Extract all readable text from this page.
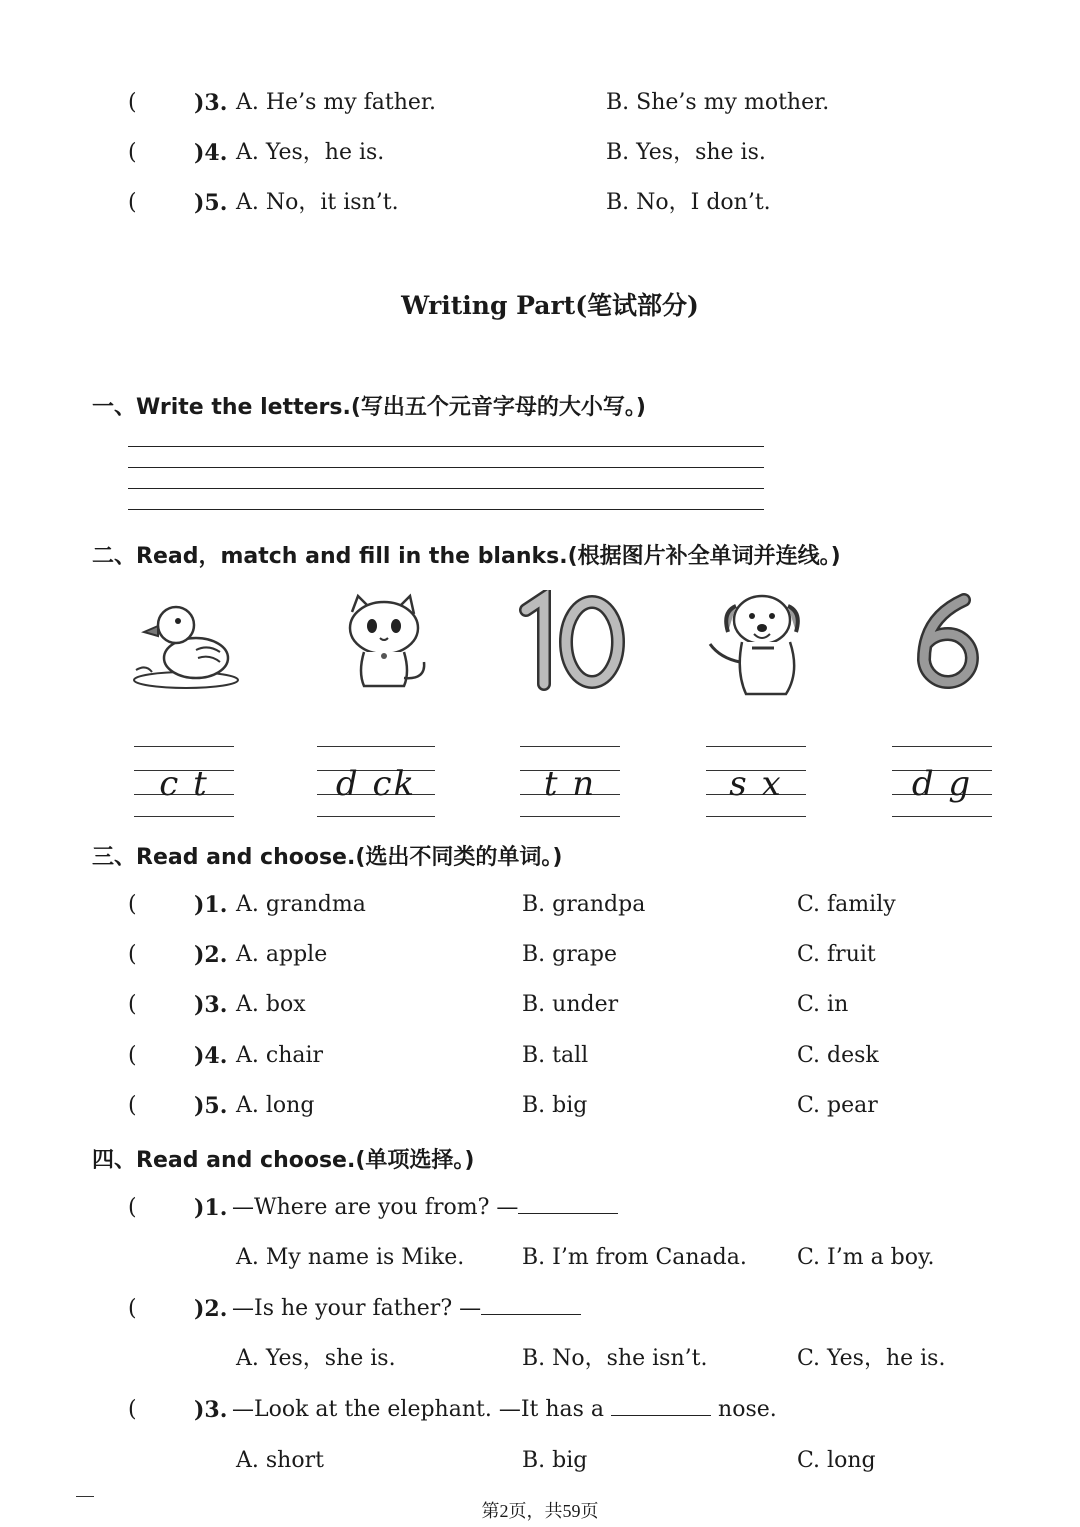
(	)3. A. He’s my father.	B. She’s my mother.
(	)4. A. Yes，he is.	B. Yes，she is.
(	)5. A. No，it isn’t.	B. No，I don’t.
Writing Part(笔试部分)
一、Write the letters.(写出五个元音字母的大小写。)
二、Read，match and fill in the blanks.(根据图片补全单词并连线。)
c t	d ck	t n	s x	d g
三、Read and choose.(选出不同类的单词。)
(	)1. A. grandma	B. grandpa	C. family
(	)2. A. apple	B. grape	C. fruit
(	)3. A. box	B. under	C. in
(	)4. A. chair	B. tall	C. desk
(	)5. A. long	B. big	C. pear
四、Read and choose.(单项选择。)
(	)1. —Where are you from? —
A. My name is Mike.	B. I’m from Canada. C. I’m a boy.
(	)2. —Is he your father? —
A. Yes，she is.	B. No，she isn’t.	C. Yes，he is.
(	)3. —Look at the elephant. —It has a	nose.
A. short	B. big	C. long
第2页，共59页
